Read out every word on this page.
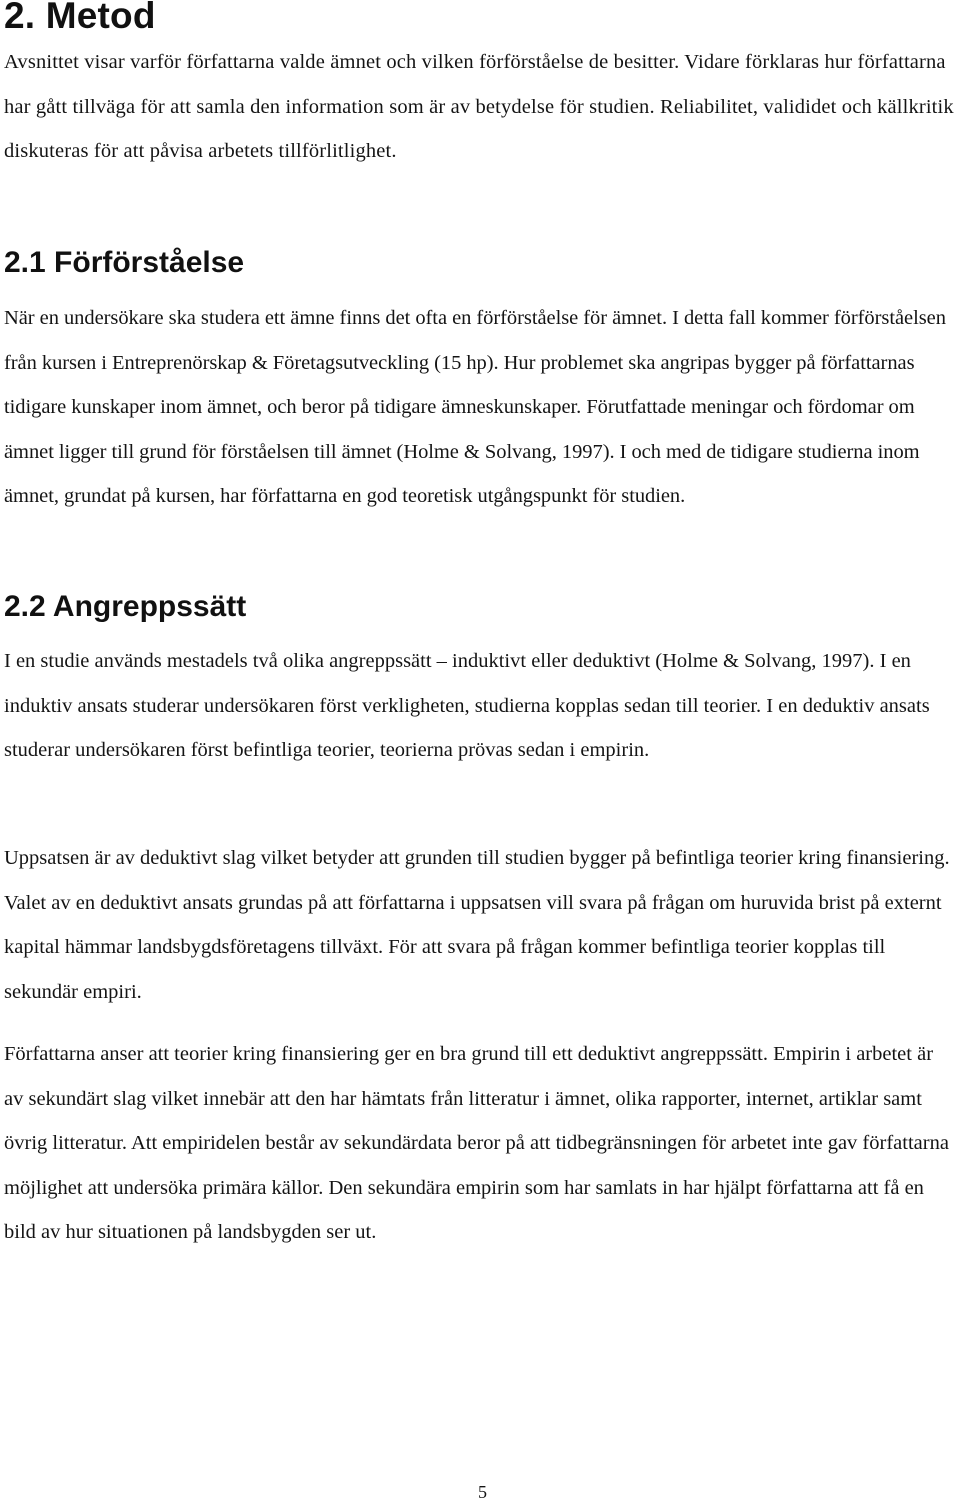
2. Metod

Avsnittet visar varför författarna valde ämnet och vilken förförståelse de besitter. Vidare förklaras hur författarna har gått tillväga för att samla den information som är av betydelse för studien. Reliabilitet, valididet och källkritik diskuteras för att påvisa arbetets tillförlitlighet.

2.1 Förförståelse

När en undersökare ska studera ett ämne finns det ofta en förförståelse för ämnet. I detta fall kommer förförståelsen från kursen i Entreprenörskap & Företagsutveckling (15 hp). Hur problemet ska angripas bygger på författarnas tidigare kunskaper inom ämnet, och beror på tidigare ämneskunskaper. Förutfattade meningar och fördomar om ämnet ligger till grund för förståelsen till ämnet (Holme & Solvang, 1997). I och med de tidigare studierna inom ämnet, grundat på kursen, har författarna en god teoretisk utgångspunkt för studien.

2.2 Angreppssätt

I en studie används mestadels två olika angreppssätt – induktivt eller deduktivt (Holme & Solvang, 1997). I en induktiv ansats studerar undersökaren först verkligheten, studierna kopplas sedan till teorier. I en deduktiv ansats studerar undersökaren först befintliga teorier, teorierna prövas sedan i empirin.

Uppsatsen är av deduktivt slag vilket betyder att grunden till studien bygger på befintliga teorier kring finansiering. Valet av en deduktivt ansats grundas på att författarna i uppsatsen vill svara på frågan om huruvida brist på externt kapital hämmar landsbygdsföretagens tillväxt. För att svara på frågan kommer befintliga teorier kopplas till sekundär empiri.

Författarna anser att teorier kring finansiering ger en bra grund till ett deduktivt angreppssätt. Empirin i arbetet är av sekundärt slag vilket innebär att den har hämtats från litteratur i ämnet, olika rapporter, internet, artiklar samt övrig litteratur. Att empiridelen består av sekundärdata beror på att tidbegränsningen för arbetet inte gav författarna möjlighet att undersöka primära källor. Den sekundära empirin som har samlats in har hjälpt författarna att få en bild av hur situationen på landsbygden ser ut.

5
